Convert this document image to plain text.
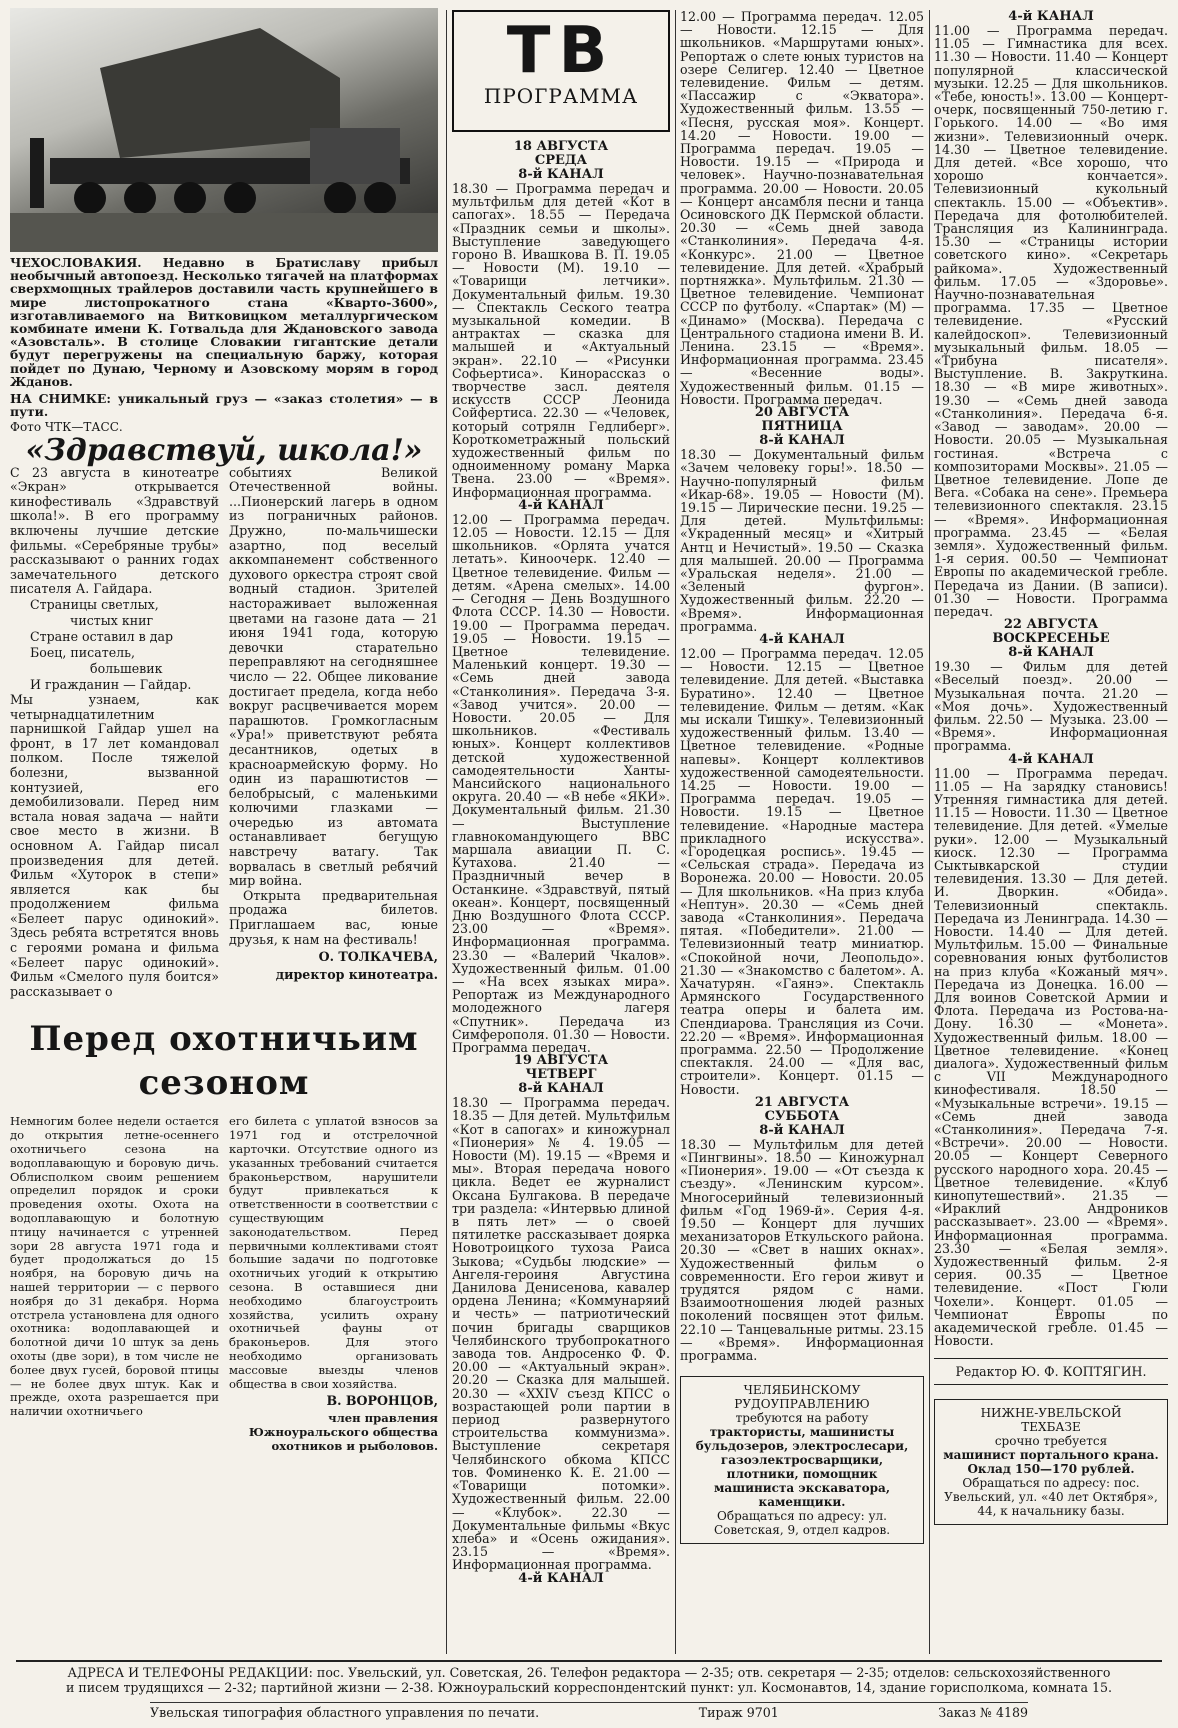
ЧЕХОСЛОВАКИЯ. Недавно в Братиславу прибыл необычный автопоезд. Несколько тягачей на платформах сверхмощных трайлеров доставили часть крупнейшего в мире листопрокатного стана «Кварто-3600», изготавливаемого на Витковицком металлургическом комбинате имени К. Готвальда для Ждановского завода «Азовсталь». В столице Словакии гигантские детали будут перегружены на специальную баржу, которая пойдет по Дунаю, Черному и Азовскому морям в город Жданов.
НА СНИМКЕ: уникальный груз — «заказ столетия» — в пути.
Фото ЧТК—ТАСС.
«Здравствуй, школа!»

С 23 августа в кинотеатре «Экран» открывается кинофестиваль «Здравствуй школа!». В его программу включены лучшие детские фильмы. «Серебряные трубы» рассказывают о ранних годах замечательного детского писателя А. Гайдара.

Страницы светлых,
чистых книг
Стране оставил в дар
Боец, писатель,
большевик
И гражданин — Гайдар.

Мы узнаем, как четырнадцатилетним парнишкой Гайдар ушел на фронт, в 17 лет командовал полком. После тяжелой болезни, вызванной контузией, его демобилизовали. Перед ним встала новая задача — найти свое место в жизни. В основном А. Гайдар писал произведения для детей. Фильм «Хуторок в степи» является как бы продолжением фильма «Белеет парус одинокий». Здесь ребята встретятся вновь с героями романа и фильма «Белеет парус одинокий». Фильм «Смелого пуля боится» рассказывает о

событиях Великой Отечественной войны. ...Пионерский лагерь в одном из пограничных районов. Дружно, по-мальчишески азартно, под веселый аккомпанемент собственного духового оркестра строят свой водный стадион. Зрителей настораживает выложенная цветами на газоне дата — 21 июня 1941 года, которую девочки старательно переправляют на сегодняшнее число — 22. Общее ликование достигает предела, когда небо вокруг расцвечивается морем парашютов. Громкогласным «Ура!» приветствуют ребята десантников, одетых в красноармейскую форму. Но один из парашютистов — белобрысый, с маленькими колючими глазками — очередью из автомата останавливает бегущую навстречу ватагу. Так ворвалась в светлый ребячий мир война.

Открыта предварительная продажа билетов. Приглашаем вас, юные друзья, к нам на фестиваль!

О. ТОЛКАЧЕВА,
директор кинотеатра.
Перед охотничьим сезоном

Немногим более недели остается до открытия летне-осеннего охотничьего сезона на водоплавающую и боровую дичь. Облисполком своим решением определил порядок и сроки проведения охоты. Охота на водоплавающую и болотную птицу начинается с утренней зори 28 августа 1971 года и будет продолжаться до 15 ноября, на боровую дичь на нашей территории — с первого ноября до 31 декабря. Норма отстрела установлена для одного охотника: водоплавающей и болотной дичи 10 штук за день охоты (две зори), в том числе не более двух гусей, боровой птицы — не более двух штук. Как и прежде, охота разрешается при наличии охотничьего

его билета с уплатой взносов за 1971 год и отстрелочной карточки. Отсутствие одного из указанных требований считается браконьерством, нарушители будут привлекаться к ответственности в соответствии с существующим законодательством. Перед первичными коллективами стоят большие задачи по подготовке охотничьих угодий к открытию сезона. В оставшиеся дни необходимо благоустроить хозяйства, усилить охрану охотничьей фауны от браконьеров. Для этого необходимо организовать массовые выезды членов общества в свои хозяйства.

В. ВОРОНЦОВ,
член правления Южноуральского общества охотников и рыболовов.
ТВ
ПРОГРАММА
18 АВГУСТА
СРЕДА
8-й КАНАЛ

18.30 — Программа передач и мультфильм для детей «Кот в сапогах». 18.55 — Передача «Праздник семьи и школы». Выступление заведующего гороно В. Ивашкова В. П. 19.05 — Новости (М). 19.10 — «Товарищи летчики». Документальный фильм. 19.30 — Спектакль Сеского театра музыкальной комедии. В антрактах — сказка для малышей и «Актуальный экран». 22.10 — «Рисунки Софьертиса». Кинорассказ о творчестве засл. деятеля искусств СССР Леонида Сойфертиса. 22.30 — «Человек, который сотрялн Гедлиберг». Короткометражный польский художественный фильм по одноименному роману Марка Твена. 23.00 — «Время». Информационная программа.

4-й КАНАЛ

12.00 — Программа передач. 12.05 — Новости. 12.15 — Для школьников. «Орлята учатся летать». Киноочерк. 12.40 — Цветное телевидение. Фильм — детям. «Арена смелых». 14.00 — Сегодня — День Воздушного Флота СССР. 14.30 — Новости. 19.00 — Программа передач. 19.05 — Новости. 19.15 — Цветное телевидение. Маленький концерт. 19.30 — «Семь дней завода «Станколиния». Передача 3-я. «Завод учится». 20.00 — Новости. 20.05 — Для школьников. «Фестиваль юных». Концерт коллективов детской художественной самодеятельности Ханты-Мансийского национального округа. 20.40 — «В небе «ЯКИ». Документальный фильм. 21.30 — Выступление главнокомандующего ВВС маршала авиации П. С. Кутахова. 21.40 — Праздничный вечер в Останкине. «Здравствуй, пятый океан». Концерт, посвященный Дню Воздушного Флота СССР. 23.00 — «Время». Информационная программа. 23.30 — «Валерий Чкалов». Художественный фильм. 01.00 — «На всех языках мира». Репортаж из Международного молодежного лагеря «Спутник». Передача из Симферополя. 01.30 — Новости. Программа передач.

19 АВГУСТА
ЧЕТВЕРГ
8-й КАНАЛ

18.30 — Программа передач. 18.35 — Для детей. Мультфильм «Кот в сапогах» и киножурнал «Пионерия» № 4. 19.05 — Новости (М). 19.15 — «Время и мы». Вторая передача нового цикла. Ведет ее журналист Оксана Булгакова. В передаче три раздела: «Интервью длиной в пять лет» — о своей пятилетке рассказывает доярка Новотроицкого тухоза Раиса Зыкова; «Судьбы людские» — Ангеля-героиня Августина Данилова Денисенова, кавалер ордена Ленина; «Коммунаряий и честь» — патриотический почин бригады сварщиков Челябинского трубопрокатного завода тов. Андросенко Ф. Ф. 20.00 — «Актуальный экран». 20.20 — Сказка для малышей. 20.30 — «XXIV съезд КПСС о возрастающей роли партии в период развернутого строительства коммунизма». Выступление секретаря Челябинского обкома КПСС тов. Фоминенко К. Е. 21.00 — «Товарищи потомки». Художественный фильм. 22.00 — «Клубок». 22.30 — Документальные фильмы «Вкус хлеба» и «Осень ожидания». 23.15 — «Время». Информационная программа.

4-й КАНАЛ

12.00 — Программа передач. 12.05 — Новости. 12.15 — Для школьников. «Маршрутами юных». Репортаж о слете юных туристов на озере Селигер. 12.40 — Цветное телевидение. Фильм — детям. «Пассажир с «Экватора». Художественный фильм. 13.55 — «Песня, русская моя». Концерт. 14.20 — Новости. 19.00 — Программа передач. 19.05 — Новости. 19.15 — «Природа и человек». Научно-познавательная программа. 20.00 — Новости. 20.05 — Концерт ансамбля песни и танца Осиновского ДК Пермской области. 20.30 — «Семь дней завода «Станколиния». Передача 4-я. «Конкурс». 21.00 — Цветное телевидение. Для детей. «Храбрый портняжка». Мультфильм. 21.30 — Цветное телевидение. Чемпионат СССР по футболу. «Спартак» (М) — «Динамо» (Москва). Передача с Центрального стадиона имени В. И. Ленина. 23.15 — «Время». Информационная программа. 23.45 — «Весенние воды». Художественный фильм. 01.15 — Новости. Программа передач.

20 АВГУСТА
ПЯТНИЦА
8-й КАНАЛ

18.30 — Документальный фильм «Зачем человеку горы!». 18.50 — Научно-популярный фильм «Икар-68». 19.05 — Новости (М). 19.15 — Лирические песни. 19.25 — Для детей. Мультфильмы: «Украденный месяц» и «Хитрый Антц и Нечистый». 19.50 — Сказка для малышей. 20.00 — Программа «Уральская неделя». 21.00 — «Зеленый фургон». Художественный фильм. 22.20 — «Время». Информационная программа.

4-й КАНАЛ

12.00 — Программа передач. 12.05 — Новости. 12.15 — Цветное телевидение. Для детей. «Выставка Буратино». 12.40 — Цветное телевидение. Фильм — детям. «Как мы искали Тишку». Телевизионный художественный фильм. 13.40 — Цветное телевидение. «Родные напевы». Концерт коллективов художественной самодеятельности. 14.25 — Новости. 19.00 — Программа передач. 19.05 — Новости. 19.15 — Цветное телевидение. «Народные мастера прикладного искусства». «Городецкая роспись». 19.45 — «Сельская страда». Передача из Воронежа. 20.00 — Новости. 20.05 — Для школьников. «На приз клуба «Нептун». 20.30 — «Семь дней завода «Станколиния». Передача пятая. «Победители». 21.00 — Телевизионный театр миниатюр. «Спокойной ночи, Леопольдо». 21.30 — «Знакомство с балетом». А. Хачатурян. «Гаянэ». Спектакль Армянского Государственного театра оперы и балета им. Спендиарова. Трансляция из Сочи. 22.20 — «Время». Информационная программа. 22.50 — Продолжение спектакля. 24.00 — «Для вас, строители». Концерт. 01.15 — Новости.

21 АВГУСТА
СУББОТА
8-й КАНАЛ

18.30 — Мультфильм для детей «Пингвины». 18.50 — Киножурнал «Пионерия». 19.00 — «От съезда к съезду». «Ленинским курсом». Многосерийный телевизионный фильм «Год 1969-й». Серия 4-я. 19.50 — Концерт для лучших механизаторов Еткульского района. 20.30 — «Свет в наших окнах». Художественный фильм о современности. Его герои живут и трудятся рядом с нами. Взаимоотношения людей разных поколений посвящен этот фильм. 22.10 — Танцевальные ритмы. 23.15 — «Время». Информационная программа.

ЧЕЛЯБИНСКОМУ
РУДОУПРАВЛЕНИЮ
требуются на работу
трактористы, машинисты бульдозеров, электрослесари, газоэлектросварщики, плотники, помощник машиниста экскаватора, каменщики.
Обращаться по адресу: ул. Советская, 9, отдел кадров.
4-й КАНАЛ

11.00 — Программа передач. 11.05 — Гимнастика для всех. 11.30 — Новости. 11.40 — Концерт популярной классической музыки. 12.25 — Для школьников. «Тебе, юность!». 13.00 — Концерт-очерк, посвященный 750-летию г. Горького. 14.00 — «Во имя жизни». Телевизионный очерк. 14.30 — Цветное телевидение. Для детей. «Все хорошо, что хорошо кончается». Телевизионный кукольный спектакль. 15.00 — «Объектив». Передача для фотолюбителей. Трансляция из Калининграда. 15.30 — «Страницы истории советского кино». «Секретарь райкома». Художественный фильм. 17.05 — «Здоровье». Научно-познавательная программа. 17.35 — Цветное телевидение. «Русский калейдоскоп». Телевизионный музыкальный фильм. 18.05 — «Трибуна писателя». Выступление. В. Закруткина. 18.30 — «В мире животных». 19.30 — «Семь дней завода «Станколиния». Передача 6-я. «Завод — заводам». 20.00 — Новости. 20.05 — Музыкальная гостиная. «Встреча с композиторами Москвы». 21.05 — Цветное телевидение. Лопе де Вега. «Собака на сене». Премьера телевизионного спектакля. 23.15 — «Время». Информационная программа. 23.45 — «Белая земля». Художественный фильм. 1-я серия. 00.50 — Чемпионат Европы по академической гребле. Передача из Дании. (В записи). 01.30 — Новости. Программа передач.

22 АВГУСТА
ВОСКРЕСЕНЬЕ
8-й КАНАЛ

19.30 — Фильм для детей «Веселый поезд». 20.00 — Музыкальная почта. 21.20 — «Моя дочь». Художественный фильм. 22.50 — Музыка. 23.00 — «Время». Информационная программа.

4-й КАНАЛ

11.00 — Программа передач. 11.05 — На зарядку становись! Утренняя гимнастика для детей. 11.15 — Новости. 11.30 — Цветное телевидение. Для детей. «Умелые руки». 12.00 — Музыкальный киоск. 12.30 — Программа Сыктывкарской студии телевидения. 13.30 — Для детей. И. Дворкин. «Обида». Телевизионный спектакль. Передача из Ленинграда. 14.30 — Новости. 14.40 — Для детей. Мультфильм. 15.00 — Финальные соревнования юных футболистов на приз клуба «Кожаный мяч». Передача из Донецка. 16.00 — Для воинов Советской Армии и Флота. Передача из Ростова-на-Дону. 16.30 — «Монета». Художественный фильм. 18.00 — Цветное телевидение. «Конец диалога». Художественный фильм с VII Международного кинофестиваля. 18.50 — «Музыкальные встречи». 19.15 — «Семь дней завода «Станколиния». Передача 7-я. «Встречи». 20.00 — Новости. 20.05 — Концерт Северного русского народного хора. 20.45 — Цветное телевидение. «Клуб кинопутешествий». 21.35 — «Ираклий Андроников рассказывает». 23.00 — «Время». Информационная программа. 23.30 — «Белая земля». Художественный фильм. 2-я серия. 00.35 — Цветное телевидение. «Пост Гюли Чохели». Концерт. 01.05 — Чемпионат Европы по академической гребле. 01.45 — Новости.

Редактор Ю. Ф. КОПТЯГИН.
НИЖНЕ-УВЕЛЬСКОЙ
ТЕХБАЗЕ
срочно требуется
машинист портального крана. Оклад 150—170 рублей.
Обращаться по адресу: пос. Увельский, ул. «40 лет Октября», 44, к начальнику базы.
АДРЕСА И ТЕЛЕФОНЫ РЕДАКЦИИ: пос. Увельский, ул. Советская, 26. Телефон редактора — 2-35; отв. секретаря — 2-35; отделов: сельскохозяйственного
и писем трудящихся — 2-32; партийной жизни — 2-38. Южноуральский корреспондентский пункт: ул. Космонавтов, 14, здание горисполкома, комната 15.
Увельская типография областного управления по печати.	Тираж 9701	Заказ № 4189
